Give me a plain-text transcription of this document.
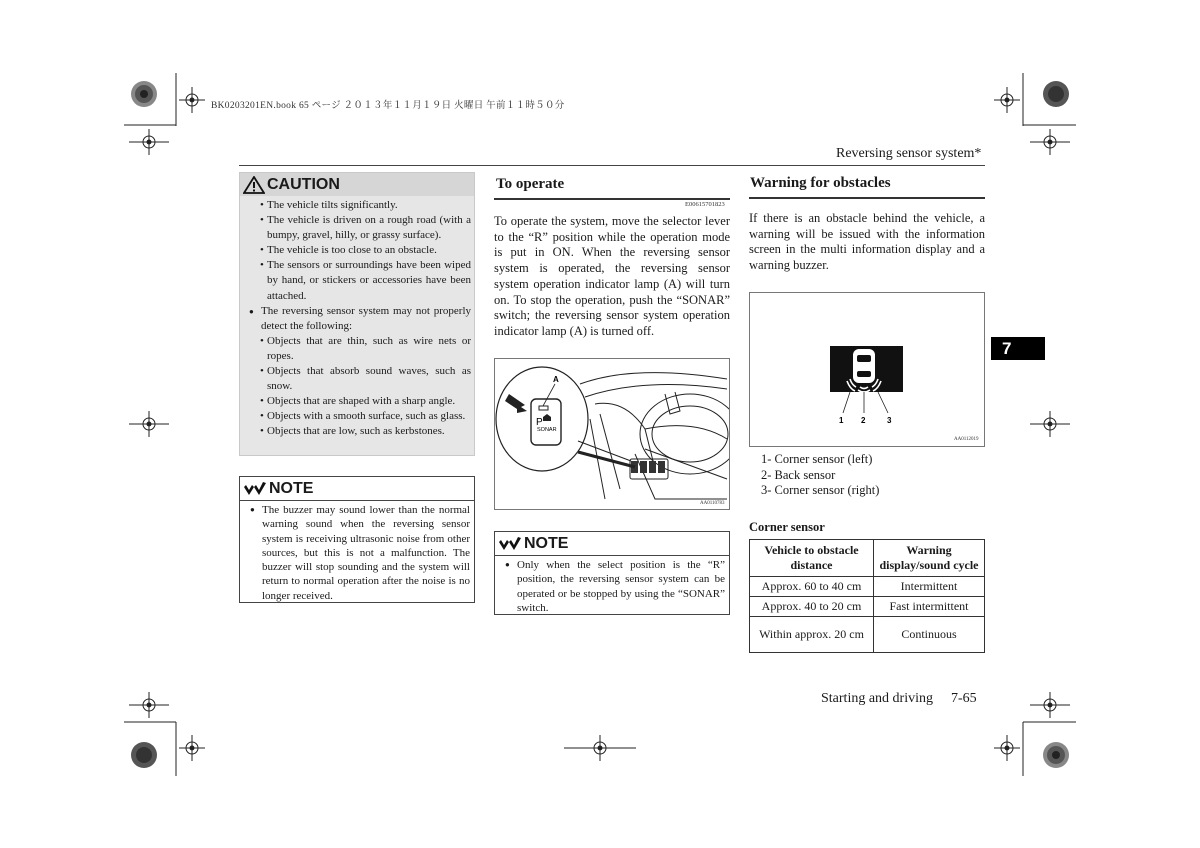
BK0203201EN.book 65 ページ ２０１３年１１月１９日 火曜日 午前１１時５０分
Reversing sensor system*
7
CAUTION
• The vehicle tilts significantly.
• The vehicle is driven on a rough road (with a bumpy, gravel, hilly, or grassy surface).
• The vehicle is too close to an obstacle.
• The sensors or surroundings have been wiped by hand, or stickers or accessories have been attached.
● The reversing sensor system may not properly detect the following:
• Objects that are thin, such as wire nets or ropes.
• Objects that absorb sound waves, such as snow.
• Objects that are shaped with a sharp angle.
• Objects with a smooth surface, such as glass.
• Objects that are low, such as kerbstones.
NOTE
● The buzzer may sound lower than the normal warning sound when the reversing sensor system is receiving ultrasonic noise from other sources, but this is not a malfunction. The buzzer will stop sounding and the system will return to normal operation after the noise is no longer received.
To operate
E00615701823
To operate the system, move the selector lever to the “R” position while the operation mode is put in ON. When the reversing sensor system is operated, the reversing sensor system operation indicator lamp (A) will turn on. To stop the operation, push the “SONAR” switch; the reversing sensor system operation indicator lamp (A) is turned off.
A
P
SONAR
AA0110783
NOTE
● Only when the select position is the “R” position, the reversing sensor system can be operated or be stopped by using the “SONAR” switch.
Warning for obstacles
If there is an obstacle behind the vehicle, a warning will be issued with the information screen in the multi information display and a warning buzzer.
1 2	3
AA0112019
1- Corner sensor (left)
2- Back sensor
3- Corner sensor (right)
Corner sensor
Vehicle to obstacle distance	Warning display/sound cycle
Approx. 60 to 40 cm	Intermittent
Approx. 40 to 20 cm	Fast intermittent
Within approx. 20 cm	Continuous
Starting and driving 7-65
